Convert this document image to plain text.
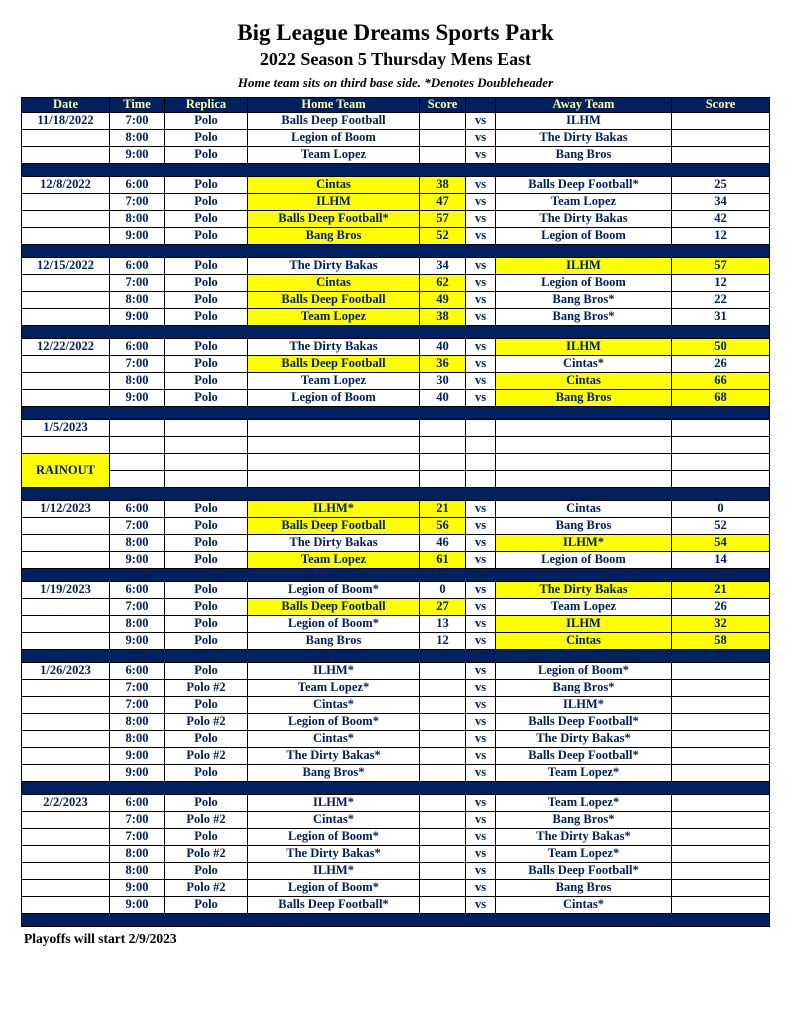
Big League Dreams Sports Park
2022 Season 5 Thursday Mens East
Home team sits on third base side. *Denotes Doubleheader
Date	Time	Replica	Home Team	Score		Away Team	Score
11/18/2022	7:00	Polo	Balls Deep Football		vs	ILHM	
	8:00	Polo	Legion of Boom		vs	The Dirty Bakas	
	9:00	Polo	Team Lopez		vs	Bang Bros	

12/8/2022	6:00	Polo	Cintas	38	vs	Balls Deep Football*	25
	7:00	Polo	ILHM	47	vs	Team Lopez	34
	8:00	Polo	Balls Deep Football*	57	vs	The Dirty Bakas	42
	9:00	Polo	Bang Bros	52	vs	Legion of Boom	12

12/15/2022	6:00	Polo	The Dirty Bakas	34	vs	ILHM	57
	7:00	Polo	Cintas	62	vs	Legion of Boom	12
	8:00	Polo	Balls Deep Football	49	vs	Bang Bros*	22
	9:00	Polo	Team Lopez	38	vs	Bang Bros*	31

12/22/2022	6:00	Polo	The Dirty Bakas	40	vs	ILHM	50
	7:00	Polo	Balls Deep Football	36	vs	Cintas*	26
	8:00	Polo	Team Lopez	30	vs	Cintas	66
	9:00	Polo	Legion of Boom	40	vs	Bang Bros	68

1/5/2023							

RAINOUT							

1/12/2023	6:00	Polo	ILHM*	21	vs	Cintas	0
	7:00	Polo	Balls Deep Football	56	vs	Bang Bros	52
	8:00	Polo	The Dirty Bakas	46	vs	ILHM*	54
	9:00	Polo	Team Lopez	61	vs	Legion of Boom	14

1/19/2023	6:00	Polo	Legion of Boom*	0	vs	The Dirty Bakas	21
	7:00	Polo	Balls Deep Football	27	vs	Team Lopez	26
	8:00	Polo	Legion of Boom*	13	vs	ILHM	32
	9:00	Polo	Bang Bros	12	vs	Cintas	58

1/26/2023	6:00	Polo	ILHM*		vs	Legion of Boom*	
	7:00	Polo #2	Team Lopez*		vs	Bang Bros*	
	7:00	Polo	Cintas*		vs	ILHM*	
	8:00	Polo #2	Legion of Boom*		vs	Balls Deep Football*	
	8:00	Polo	Cintas*		vs	The Dirty Bakas*	
	9:00	Polo #2	The Dirty Bakas*		vs	Balls Deep Football*	
	9:00	Polo	Bang Bros*		vs	Team Lopez*	

2/2/2023	6:00	Polo	ILHM*		vs	Team Lopez*	
	7:00	Polo #2	Cintas*		vs	Bang Bros*	
	7:00	Polo	Legion of Boom*		vs	The Dirty Bakas*	
	8:00	Polo #2	The Dirty Bakas*		vs	Team Lopez*	
	8:00	Polo	ILHM*		vs	Balls Deep Football*	
	9:00	Polo #2	Legion of Boom*		vs	Bang Bros	
	9:00	Polo	Balls Deep Football*		vs	Cintas*	

Playoffs will start 2/9/2023
